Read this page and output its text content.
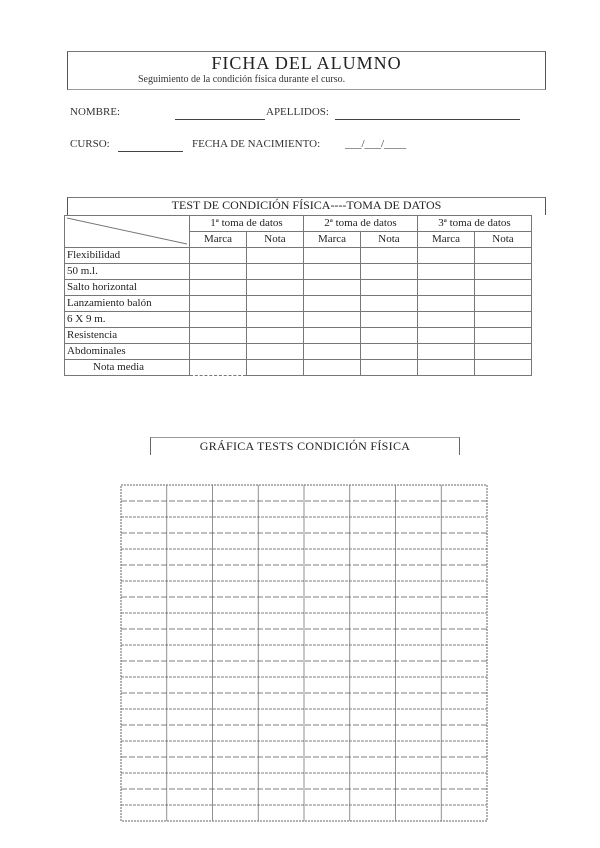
FICHA DEL ALUMNO
Seguimiento de la condición física durante el curso.
NOMBRE:	APELLIDOS:
CURSO:	FECHA DE NACIMIENTO: ___/___/____
TEST DE CONDICIÓN FÍSICA----TOMA DE DATOS
	1ª toma de datos		2ª toma de datos		3ª toma de datos	
	Marca	Nota	Marca	Nota	Marca	Nota
Flexibilidad						
50 m.l.						
Salto horizontal						
Lanzamiento balón						
6 X 9 m.						
Resistencia						
Abdominales						
Nota media						
GRÁFICA TESTS CONDICIÓN FÍSICA
